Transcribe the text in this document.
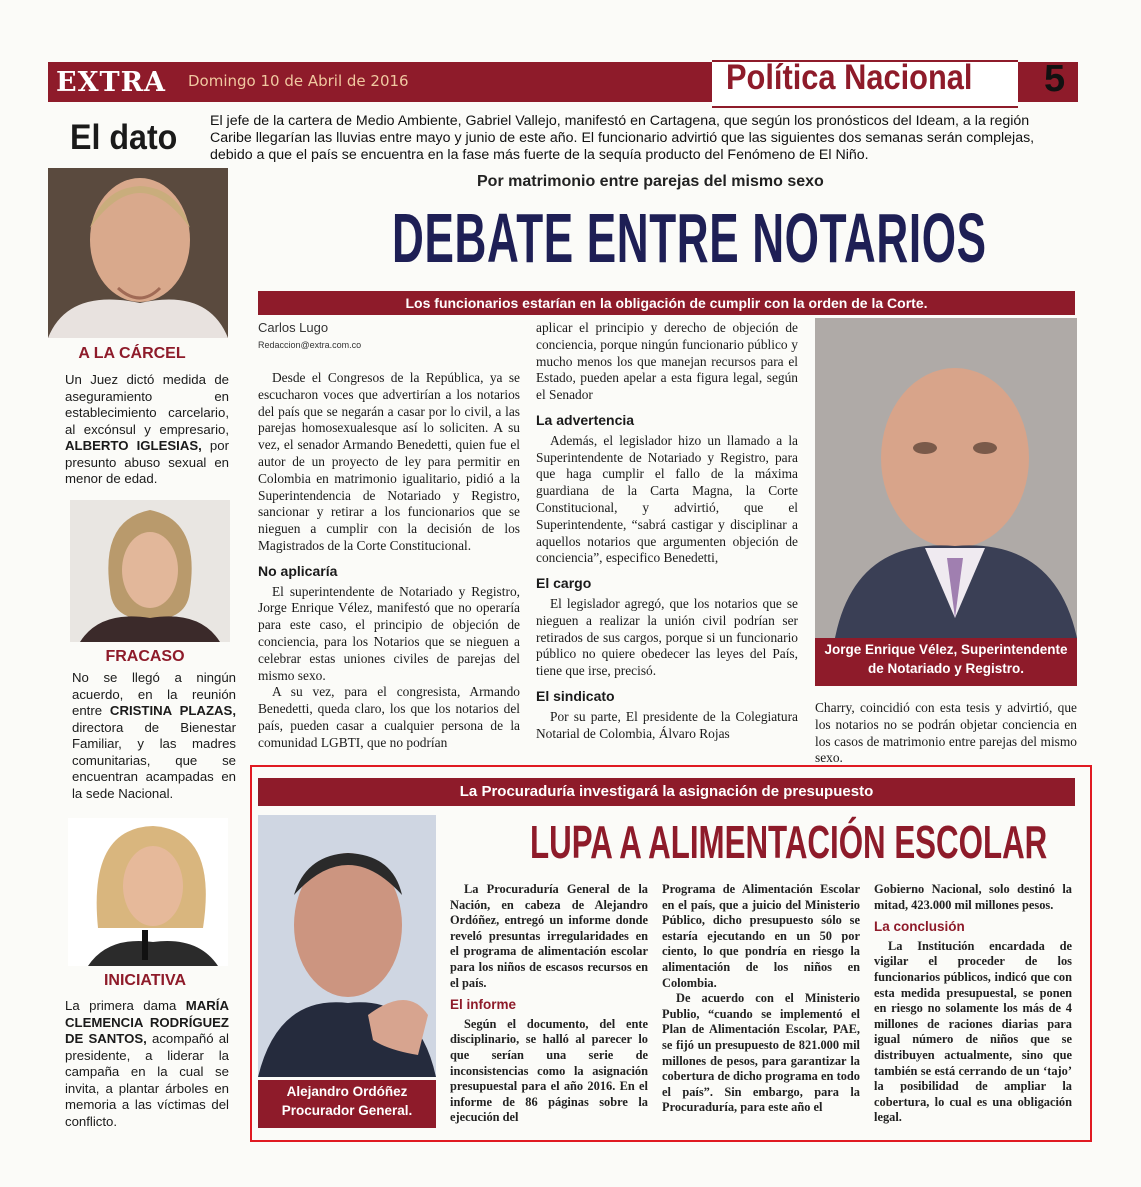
EXTRA	Domingo 10 de Abril de 2016	Política Nacional 5
El dato El jefe de la cartera de Medio Ambiente, Gabriel Vallejo, manifestó en Cartagena, que según los pronósticos del Ideam, a la región Caribe llegarían las lluvias entre mayo y junio de este año. El funcionario advirtió que las siguientes dos semanas serán complejas, debido a que el país se encuentra en la fase más fuerte de la sequía producto del Fenómeno de El Niño.
A LA CÁRCEL
Un Juez dictó medida de aseguramiento en establecimiento carcelario, al excónsul y empresario, ALBERTO IGLESIAS, por presunto abuso sexual en menor de edad.
FRACASO
No se llegó a ningún acuerdo, en la reunión entre CRISTINA PLAZAS, directora de Bienestar Familiar, y las madres comunitarias, que se encuentran acampadas en la sede Nacional.
INICIATIVA
La primera dama MARÍA CLEMENCIA RODRÍGUEZ DE SANTOS, acompañó al presidente, a liderar la campaña en la cual se invita, a plantar árboles en memoria a las víctimas del conflicto.
Por matrimonio entre parejas del mismo sexo
DEBATE ENTRE NOTARIOS
Los funcionarios estarían en la obligación de cumplir con la orden de la Corte.
Carlos Lugo
Redaccion@extra.com.co

Desde el Congresos de la República, ya se escucharon voces que advertirían a los notarios del país que se negarán a casar por lo civil, a las parejas homosexualesque así lo soliciten. A su vez, el senador Armando Benedetti, quien fue el autor de un proyecto de ley para permitir en Colombia en matrimonio igualitario, pidió a la Superintendencia de Notariado y Registro, sancionar y retirar a los funcionarios que se nieguen a cumplir con la decisión de los Magistrados de la Corte Constitucional.

No aplicaría

El superintendente de Notariado y Registro, Jorge Enrique Vélez, manifestó que no operaría para este caso, el principio de objeción de conciencia, para los Notarios que se nieguen a celebrar estas uniones civiles de parejas del mismo sexo.

A su vez, para el congresista, Armando Benedetti, queda claro, los que los notarios del país, pueden casar a cualquier persona de la comunidad LGBTI, que no podrían

aplicar el principio y derecho de objeción de conciencia, porque ningún funcionario público y mucho menos los que manejan recursos para el Estado, pueden apelar a esta figura legal, según el Senador

La advertencia

Además, el legislador hizo un llamado a la Superintendente de Notariado y Registro, para que haga cumplir el fallo de la máxima guardiana de la Carta Magna, la Corte Constitucional, y advirtió, que el Superintendente, “sabrá castigar y disciplinar a aquellos notarios que argumenten objeción de conciencia”, especifico Benedetti,

El cargo

El legislador agregó, que los notarios que se nieguen a realizar la unión civil podrían ser retirados de sus cargos, porque si un funcionario público no quiere obedecer las leyes del País, tiene que irse, precisó.

El sindicato

Por su parte, El presidente de la Colegiatura Notarial de Colombia, Álvaro Rojas

Jorge Enrique Vélez, Superintendente
de Notariado y Registro.

Charry, coincidió con esta tesis y advirtió, que los notarios no se podrán objetar conciencia en los casos de matrimonio entre parejas del mismo sexo.

La Procuraduría investigará la asignación de presupuesto
LUPA A ALIMENTACIÓN ESCOLAR
Alejandro Ordóñez
Procurador General.

La Procuraduría General de la Nación, en cabeza de Alejandro Ordóñez, entregó un informe donde reveló presuntas irregularidades en el programa de alimentación escolar para los niños de escasos recursos en el país.

El informe

Según el documento, del ente disciplinario, se halló al parecer lo que serían una serie de inconsistencias como la asignación presupuestal para el año 2016. En el informe de 86 páginas sobre la ejecución del

Programa de Alimentación Escolar en el país, que a juicio del Ministerio Público, dicho presupuesto sólo se estaría ejecutando en un 50 por ciento, lo que pondría en riesgo la alimentación de los niños en Colombia.

De acuerdo con el Ministerio Publio, “cuando se implementó el Plan de Alimentación Escolar, PAE, se fijó un presupuesto de 821.000 mil millones de pesos, para garantizar la cobertura de dicho programa en todo el país”. Sin embargo, para la Procuraduría, para este año el

Gobierno Nacional, solo destinó la mitad, 423.000 mil millones pesos.

La conclusión

La Institución encardada de vigilar el proceder de los funcionarios públicos, indicó que con esta medida presupuestal, se ponen en riesgo no solamente los más de 4 millones de raciones diarias para igual número de niños que se distribuyen actualmente, sino que también se está cerrando de un ‘tajo’ la posibilidad de ampliar la cobertura, lo cual es una obligación legal.
